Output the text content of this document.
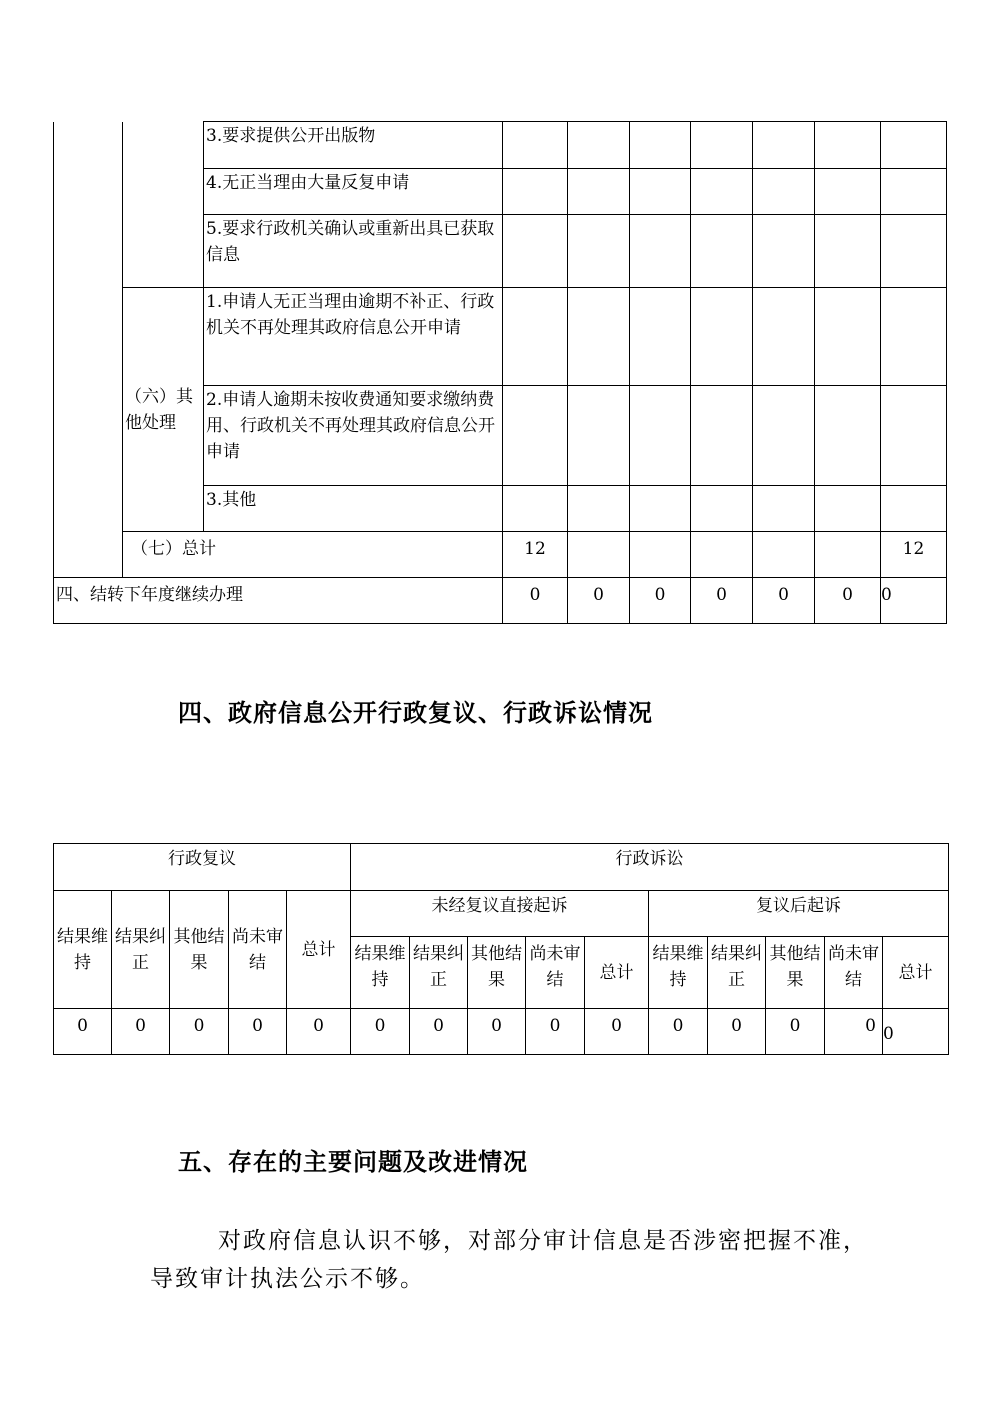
		3.要求提供公开出版物							
		4.无正当理由大量反复申请							
		5.要求行政机关确认或重新出具已获取信息							
	（六）其他处理	1.申请人无正当理由逾期不补正、行政机关不再处理其政府信息公开申请							
		2.申请人逾期未按收费通知要求缴纳费用、行政机关不再处理其政府信息公开申请							
		3.其他							
	（七）总计		12						12
四、结转下年度继续办理			0	0	0	0	0	0	0
四、政府信息公开行政复议、行政诉讼情况
行政复议					行政诉讼									
结果维持	结果纠正	其他结果	尚未审结	总计	未经复议直接起诉					复议后起诉				
					结果维持	结果纠正	其他结果	尚未审结	总计	结果维持	结果纠正	其他结果	尚未审结	总计
0	0	0	0	0	0	0	0	0	0	0	0	0	0	0
五、存在的主要问题及改进情况

对政府信息认识不够，对部分审计信息是否涉密把握不准，导致审计执法公示不够。
